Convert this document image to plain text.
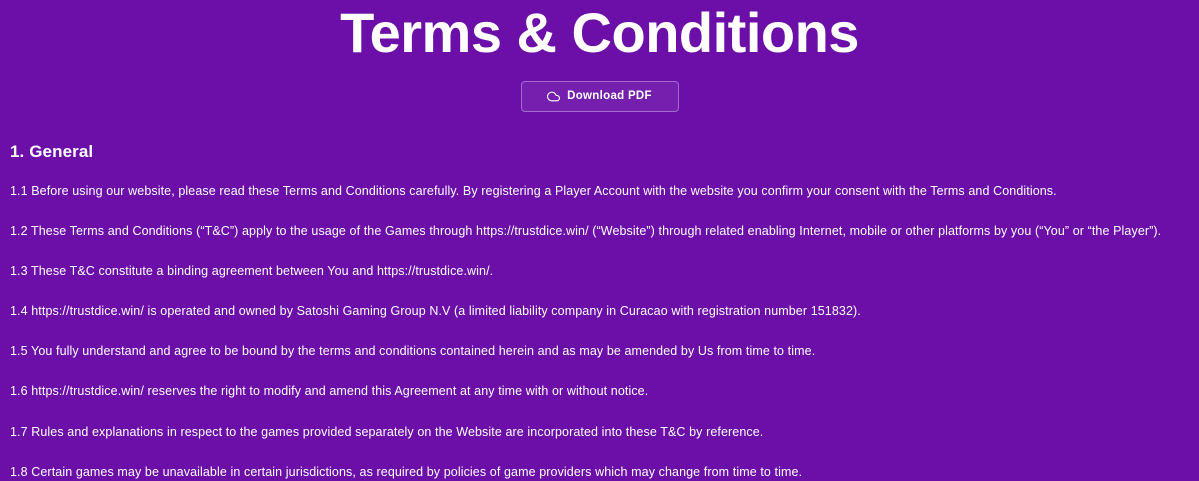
Terms & Conditions
Download PDF
1. General

1.1 Before using our website, please read these Terms and Conditions carefully. By registering a Player Account with the website you confirm your consent with the Terms and Conditions.

1.2 These Terms and Conditions (“T&C”) apply to the usage of the Games through https://trustdice.win/ (“Website”) through related enabling Internet, mobile or other platforms by you (“You” or “the Player”).

1.3 These T&C constitute a binding agreement between You and https://trustdice.win/.

1.4 https://trustdice.win/ is operated and owned by Satoshi Gaming Group N.V (a limited liability company in Curacao with registration number 151832).

1.5 You fully understand and agree to be bound by the terms and conditions contained herein and as may be amended by Us from time to time.

1.6 https://trustdice.win/ reserves the right to modify and amend this Agreement at any time with or without notice.

1.7 Rules and explanations in respect to the games provided separately on the Website are incorporated into these T&C by reference.

1.8 Certain games may be unavailable in certain jurisdictions, as required by policies of game providers which may change from time to time.
